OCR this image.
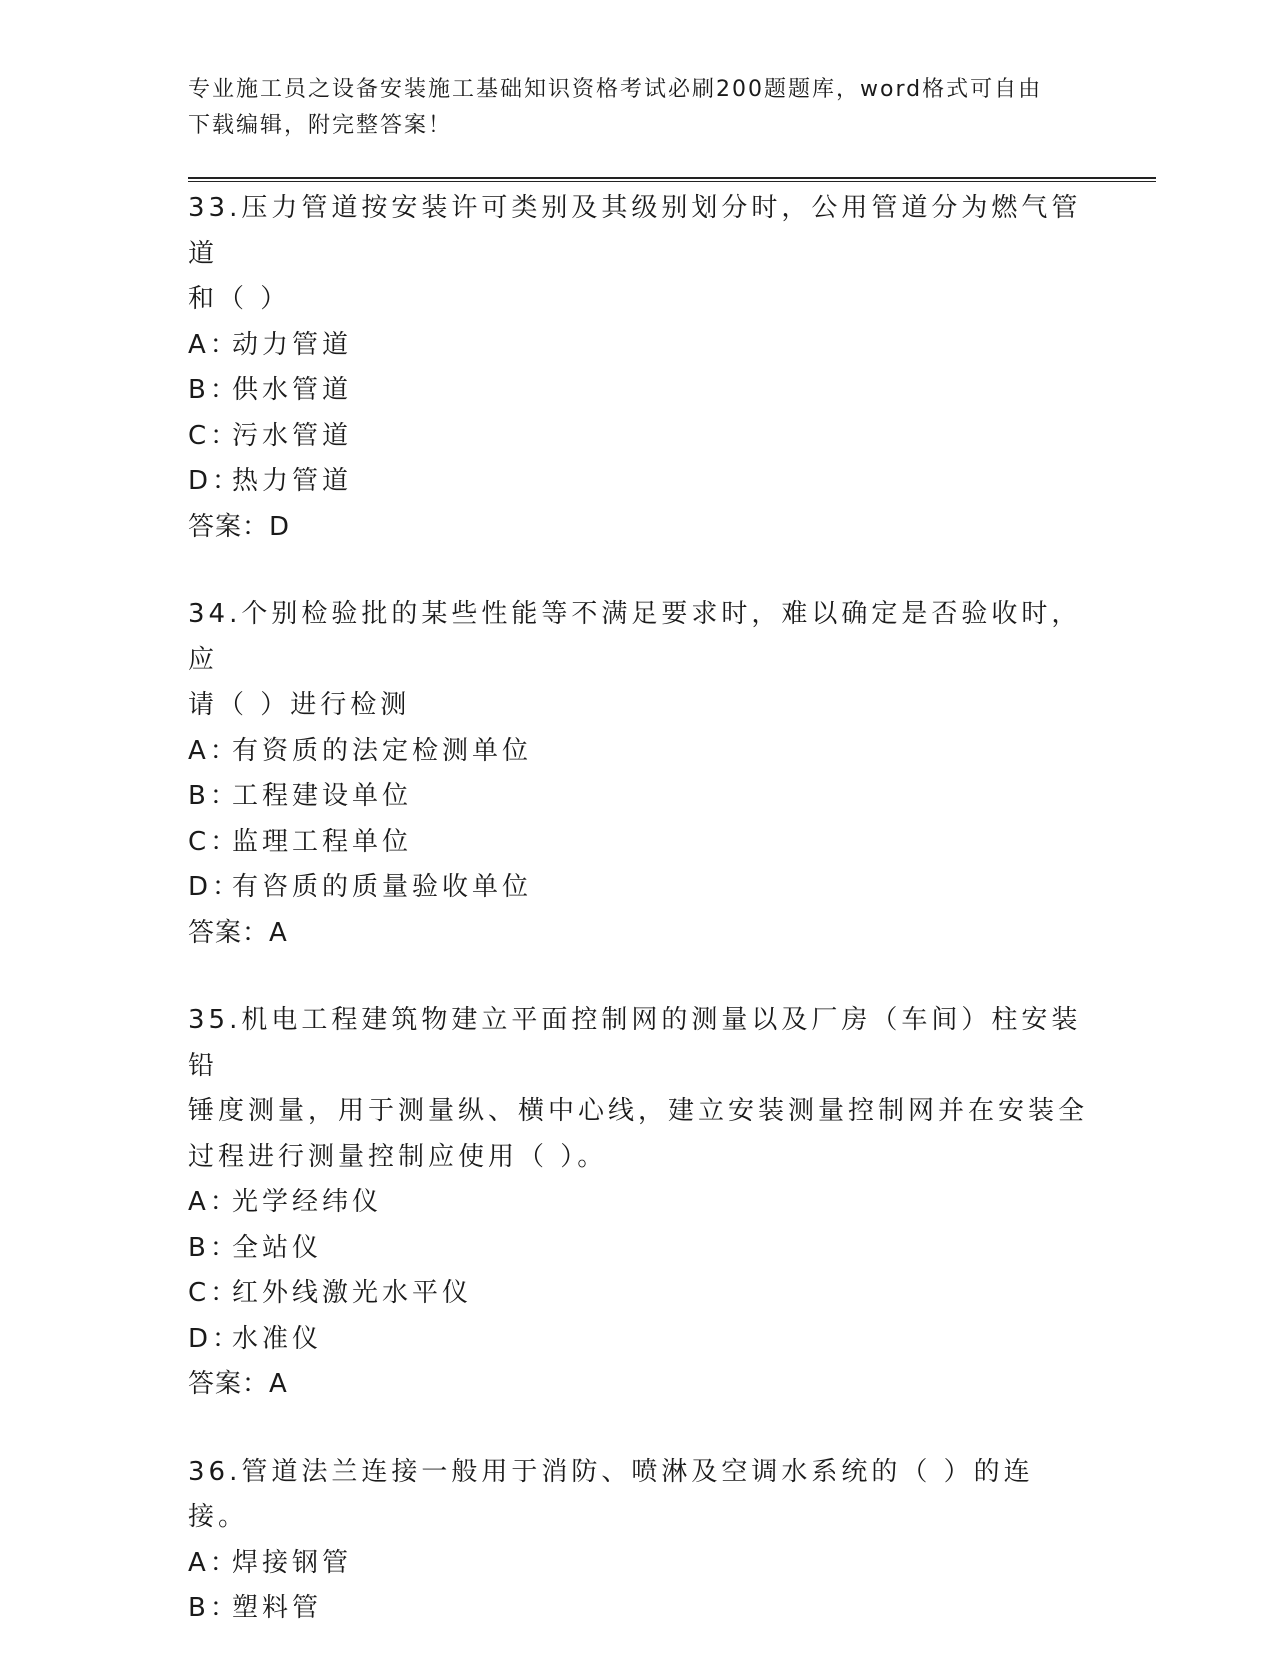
专业施工员之设备安装施工基础知识资格考试必刷200题题库，word格式可自由
下载编辑，附完整答案！
33.压力管道按安装许可类别及其级别划分时，公用管道分为燃气管道
和（ ）
A：动力管道
B：供水管道
C：污水管道
D：热力管道
答案：D
34.个别检验批的某些性能等不满足要求时，难以确定是否验收时，应
请（ ）进行检测
A：有资质的法定检测单位
B：工程建设单位
C：监理工程单位
D：有咨质的质量验收单位
答案：A
35.机电工程建筑物建立平面控制网的测量以及厂房（车间）柱安装铅
锤度测量，用于测量纵、横中心线，建立安装测量控制网并在安装全
过程进行测量控制应使用（ ）。
A：光学经纬仪
B：全站仪
C：红外线激光水平仪
D：水准仪
答案：A
36.管道法兰连接一般用于消防、喷淋及空调水系统的（ ）的连接。
A：焊接钢管
B：塑料管
